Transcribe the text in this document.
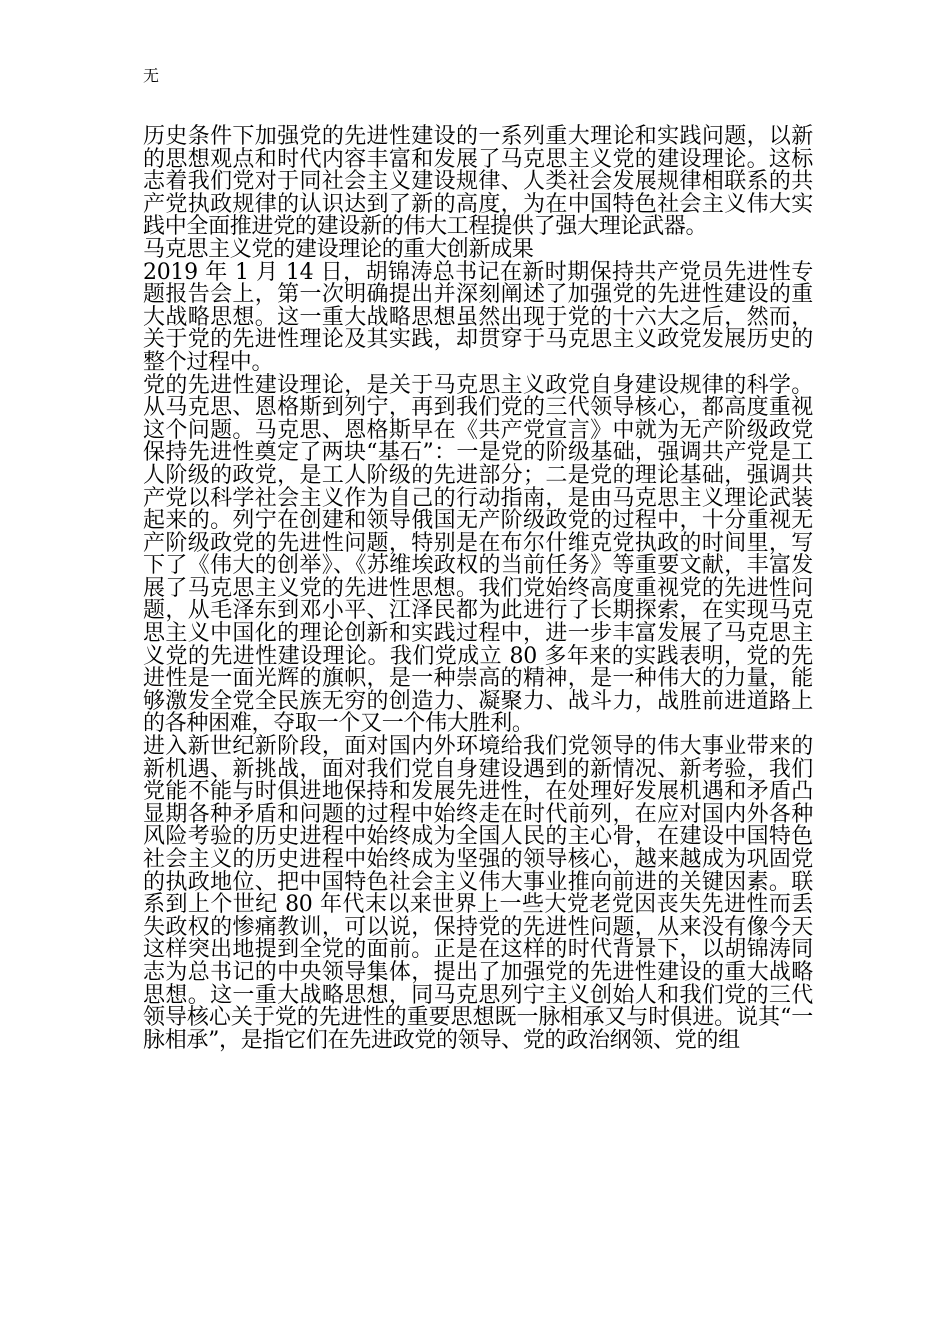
无

历史条件下加强党的先进性建设的一系列重大理论和实践问题，以新的思想观点和时代内容丰富和发展了马克思主义党的建设理论。这标志着我们党对于同社会主义建设规律、人类社会发展规律相联系的共产党执政规律的认识达到了新的高度，为在中国特色社会主义伟大实践中全面推进党的建设新的伟大工程提供了强大理论武器。

马克思主义党的建设理论的重大创新成果

2019 年 1 月 14 日，胡锦涛总书记在新时期保持共产党员先进性专题报告会上，第一次明确提出并深刻阐述了加强党的先进性建设的重大战略思想。这一重大战略思想虽然出现于党的十六大之后，然而，关于党的先进性理论及其实践，却贯穿于马克思主义政党发展历史的整个过程中。

党的先进性建设理论，是关于马克思主义政党自身建设规律的科学。从马克思、恩格斯到列宁，再到我们党的三代领导核心，都高度重视这个问题。马克思、恩格斯早在《共产党宣言》中就为无产阶级政党保持先进性奠定了两块“基石”：一是党的阶级基础，强调共产党是工人阶级的政党，是工人阶级的先进部分；二是党的理论基础，强调共产党以科学社会主义作为自己的行动指南，是由马克思主义理论武装起来的。列宁在创建和领导俄国无产阶级政党的过程中，十分重视无产阶级政党的先进性问题，特别是在布尔什维克党执政的时间里，写下了《伟大的创举》、《苏维埃政权的当前任务》等重要文献，丰富发展了马克思主义党的先进性思想。我们党始终高度重视党的先进性问题，从毛泽东到邓小平、江泽民都为此进行了长期探索，在实现马克思主义中国化的理论创新和实践过程中，进一步丰富发展了马克思主义党的先进性建设理论。我们党成立 80 多年来的实践表明，党的先进性是一面光辉的旗帜，是一种崇高的精神，是一种伟大的力量，能够激发全党全民族无穷的创造力、凝聚力、战斗力，战胜前进道路上的各种困难，夺取一个又一个伟大胜利。

进入新世纪新阶段，面对国内外环境给我们党领导的伟大事业带来的新机遇、新挑战，面对我们党自身建设遇到的新情况、新考验，我们党能不能与时俱进地保持和发展先进性，在处理好发展机遇和矛盾凸显期各种矛盾和问题的过程中始终走在时代前列，在应对国内外各种风险考验的历史进程中始终成为全国人民的主心骨，在建设中国特色社会主义的历史进程中始终成为坚强的领导核心，越来越成为巩固党的执政地位、把中国特色社会主义伟大事业推向前进的关键因素。联系到上个世纪 80 年代末以来世界上一些大党老党因丧失先进性而丢失政权的惨痛教训，可以说，保持党的先进性问题，从来没有像今天这样突出地提到全党的面前。正是在这样的时代背景下，以胡锦涛同志为总书记的中央领导集体，提出了加强党的先进性建设的重大战略思想。这一重大战略思想，同马克思列宁主义创始人和我们党的三代领导核心关于党的先进性的重要思想既一脉相承又与时俱进。说其“一脉相承”，是指它们在先进政党的领导、党的政治纲领、党的组
